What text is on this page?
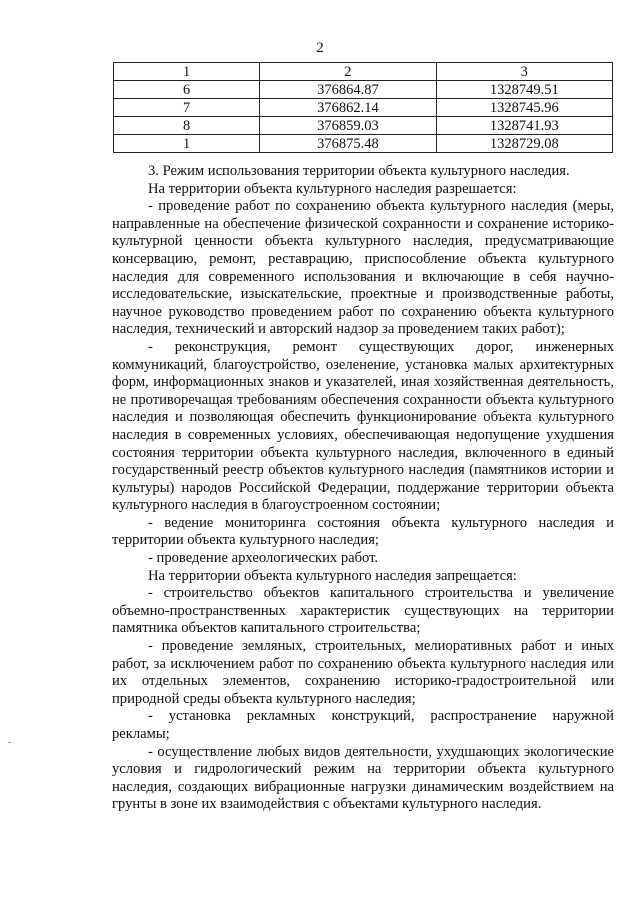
2
1	2	3
6	376864.87	1328749.51
7	376862.14	1328745.96
8	376859.03	1328741.93
1	376875.48	1328729.08

3. Режим использования территории объекта культурного наследия.

На территории объекта культурного наследия разрешается:

- проведение работ по сохранению объекта культурного наследия (меры, направленные на обеспечение физической сохранности и сохранение историко-культурной ценности объекта культурного наследия, предусматривающие консервацию, ремонт, реставрацию, приспособление объекта культурного наследия для современного использования и включающие в себя научно-исследовательские, изыскательские, проектные и производственные работы, научное руководство проведением работ по сохранению объекта культурного наследия, технический и авторский надзор за проведением таких работ);

- реконструкция, ремонт существующих дорог, инженерных коммуникаций, благоустройство, озеленение, установка малых архитектурных форм, информационных знаков и указателей, иная хозяйственная деятельность, не противоречащая требованиям обеспечения сохранности объекта культурного наследия и позволяющая обеспечить функционирование объекта культурного наследия в современных условиях, обеспечивающая недопущение ухудшения состояния территории объекта культурного наследия, включенного в единый государственный реестр объектов культурного наследия (памятников истории и культуры) народов Российской Федерации, поддержание территории объекта культурного наследия в благоустроенном состоянии;

- ведение мониторинга состояния объекта культурного наследия и территории объекта культурного наследия;

- проведение археологических работ.

На территории объекта культурного наследия запрещается:

- строительство объектов капитального строительства и увеличение объемно-пространственных характеристик существующих на территории памятника объектов капитального строительства;

- проведение земляных, строительных, мелиоративных работ и иных работ, за исключением работ по сохранению объекта культурного наследия или их отдельных элементов, сохранению историко-градостроительной или природной среды объекта культурного наследия;

- установка рекламных конструкций, распространение наружной рекламы;

- осуществление любых видов деятельности, ухудшающих экологические условия и гидрологический режим на территории объекта культурного наследия, создающих вибрационные нагрузки динамическим воздействием на грунты в зоне их взаимодействия с объектами культурного наследия.
